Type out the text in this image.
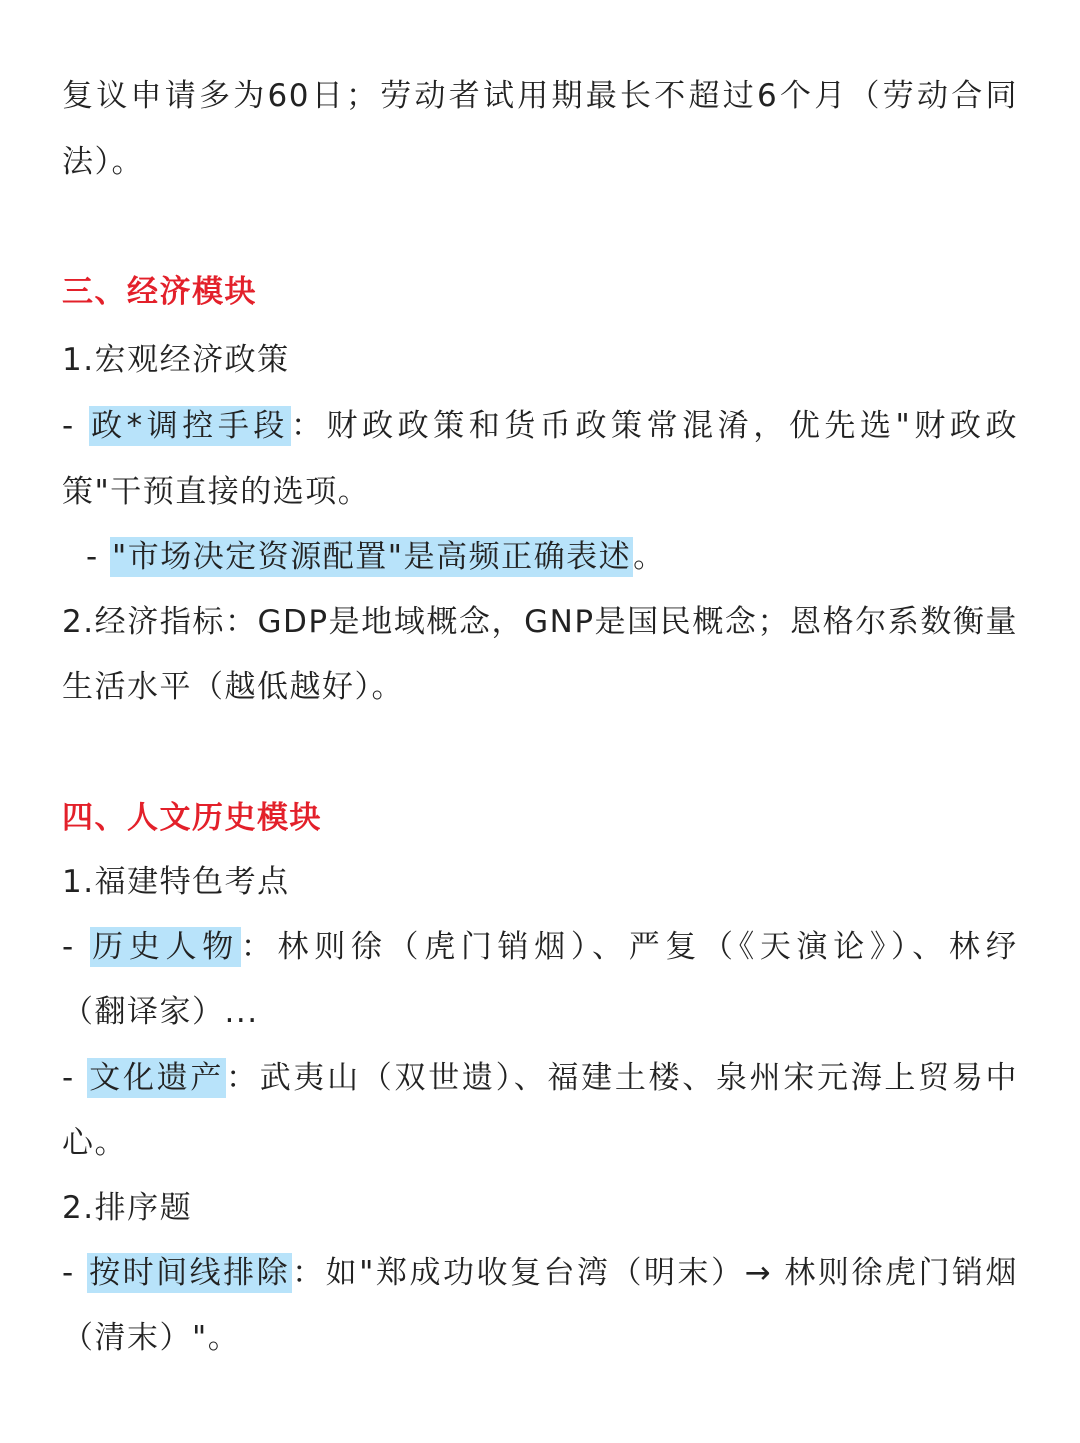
复议申请多为60日；劳动者试用期最长不超过6个月（劳动合同
法）。
三、经济模块
1.宏观经济政策
- 政*调控手段：财政政策和货币政策常混淆，优先选"财政政
策"干预直接的选项。
- "市场决定资源配置"是高频正确表述。
2.经济指标：GDP是地域概念，GNP是国民概念；恩格尔系数衡量
生活水平（越低越好）。
四、人文历史模块
1.福建特色考点
- 历史人物：林则徐（虎门销烟）、严复（《天演论》）、林纾
（翻译家）...
- 文化遗产：武夷山（双世遗）、福建土楼、泉州宋元海上贸易中
心。
2.排序题
- 按时间线排除：如"郑成功收复台湾（明末）→ 林则徐虎门销烟
（清末）"。
